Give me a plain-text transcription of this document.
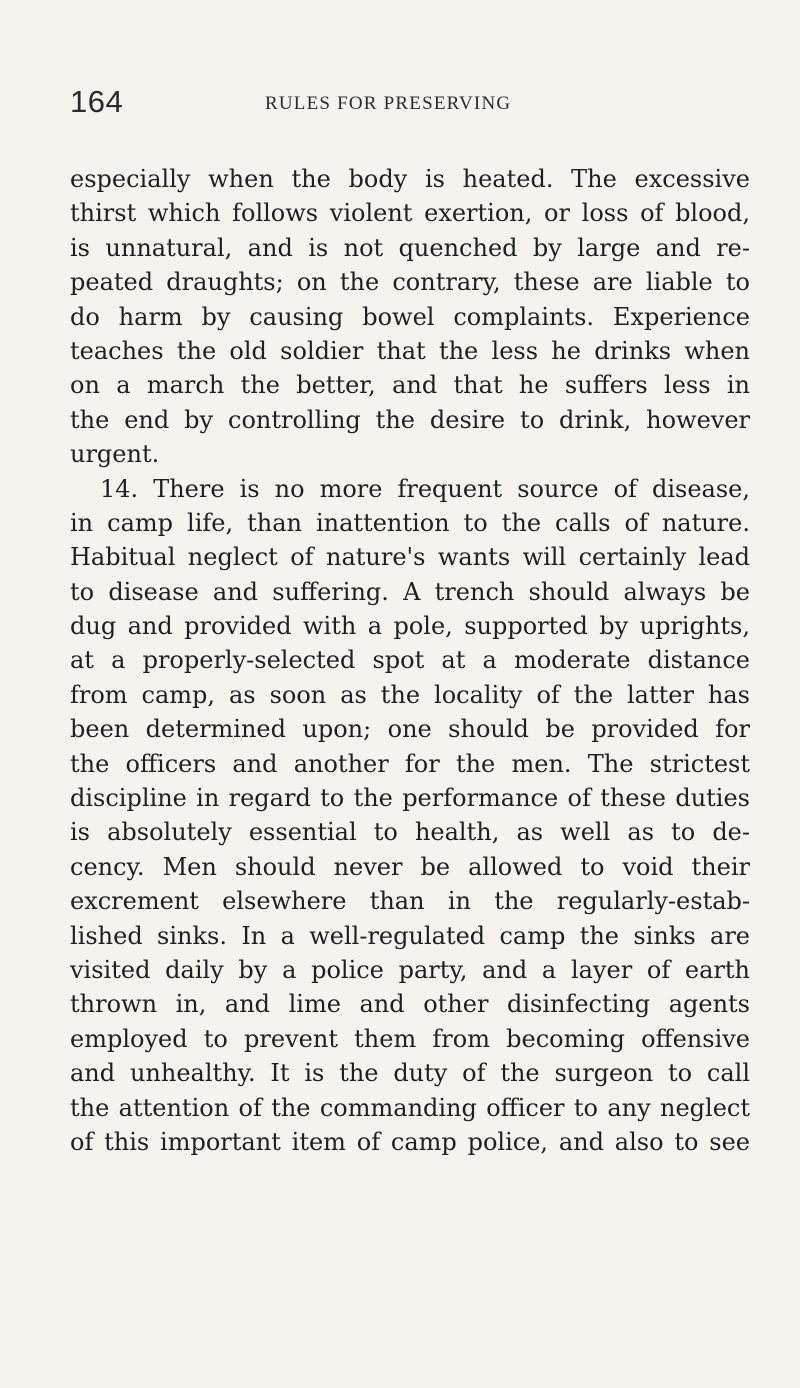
164	RULES FOR PRESERVING
especially when the body is heated. The excessive
thirst which follows violent exertion, or loss of blood,
is unnatural, and is not quenched by large and re-
peated draughts; on the contrary, these are liable to
do harm by causing bowel complaints. Experience
teaches the old soldier that the less he drinks when
on a march the better, and that he suffers less in
the end by controlling the desire to drink, however
urgent.
14. There is no more frequent source of disease,
in camp life, than inattention to the calls of nature.
Habitual neglect of nature's wants will certainly lead
to disease and suffering. A trench should always be
dug and provided with a pole, supported by uprights,
at a properly-selected spot at a moderate distance
from camp, as soon as the locality of the latter has
been determined upon; one should be provided for
the officers and another for the men. The strictest
discipline in regard to the performance of these duties
is absolutely essential to health, as well as to de-
cency. Men should never be allowed to void their
excrement elsewhere than in the regularly-estab-
lished sinks. In a well-regulated camp the sinks are
visited daily by a police party, and a layer of earth
thrown in, and lime and other disinfecting agents
employed to prevent them from becoming offensive
and unhealthy. It is the duty of the surgeon to call
the attention of the commanding officer to any neglect
of this important item of camp police, and also to see
